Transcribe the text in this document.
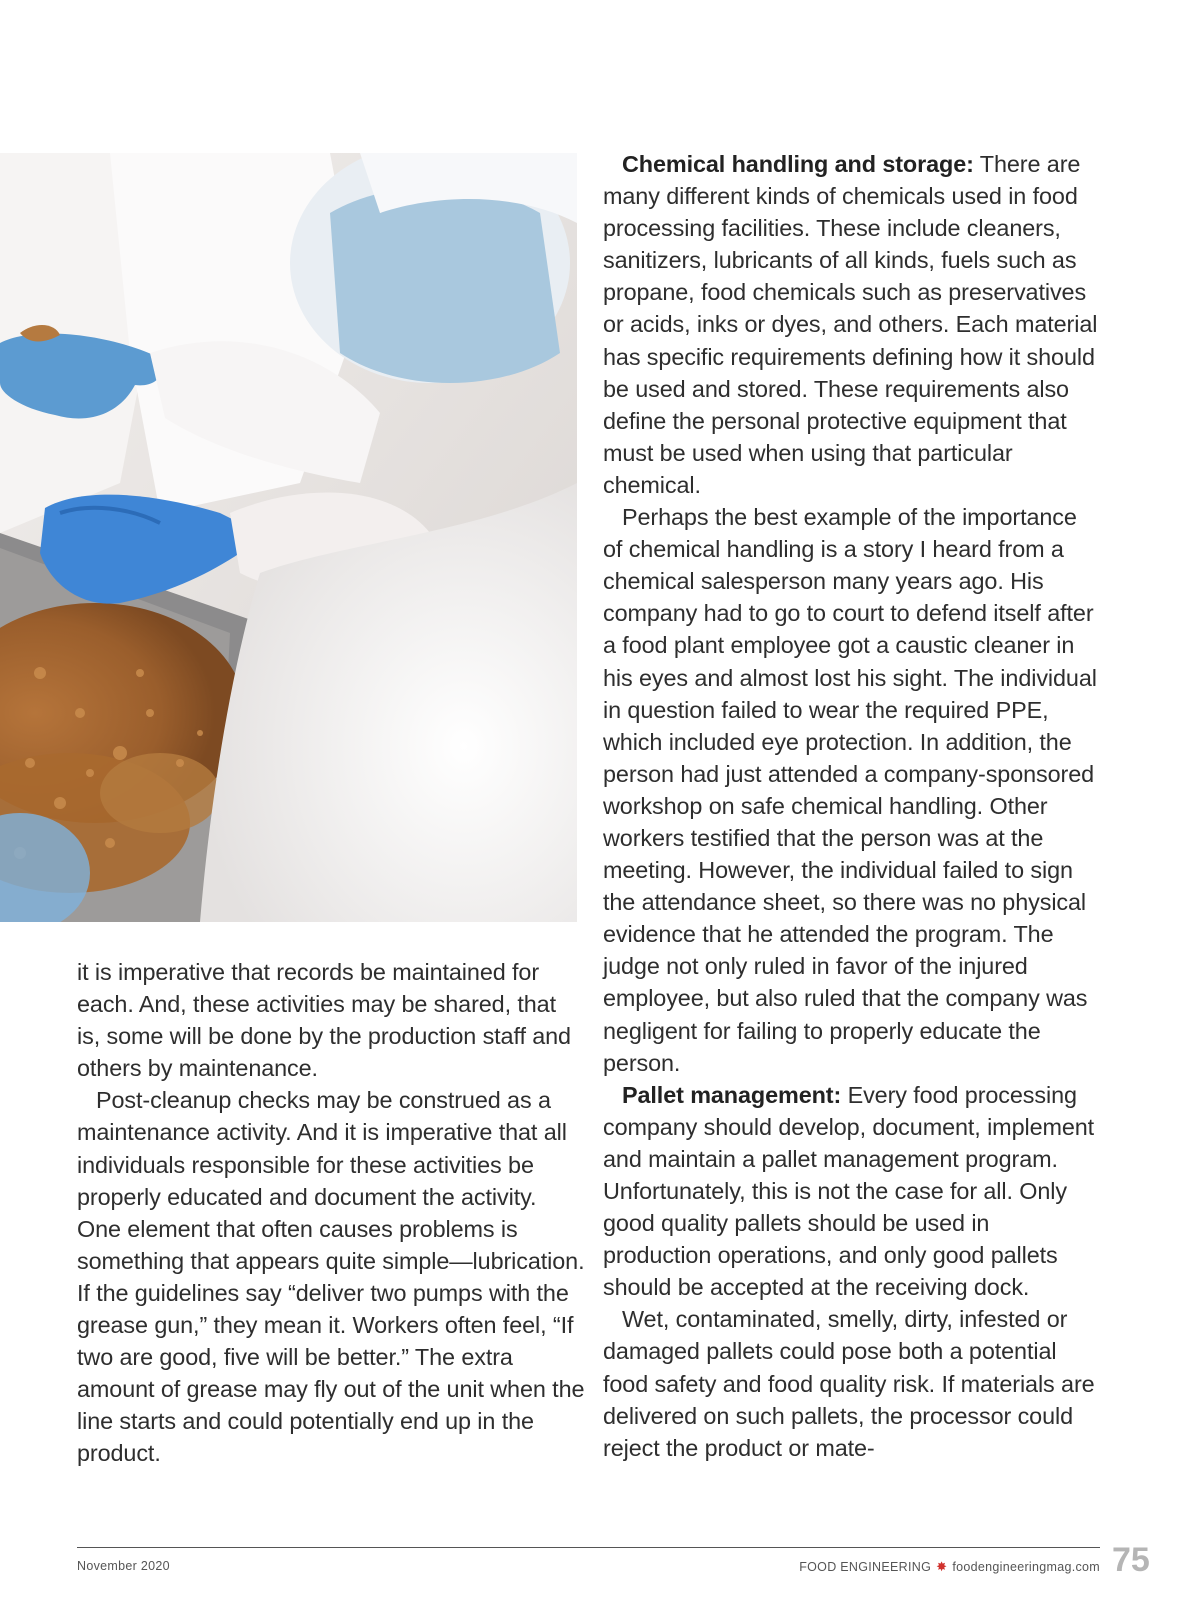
it is imperative that records be maintained for each. And, these activities may be shared, that is, some will be done by the production staff and others by maintenance.

Post-cleanup checks may be construed as a maintenance activity. And it is imperative that all individuals responsible for these activities be properly educated and document the activity. One element that often causes problems is something that appears quite simple—lubrication. If the guidelines say “deliver two pumps with the grease gun,” they mean it. Workers often feel, “If two are good, five will be better.” The extra amount of grease may fly out of the unit when the line starts and could potentially end up in the product.

Chemical handling and storage: There are many different kinds of chemicals used in food processing facilities. These include cleaners, sanitizers, lubricants of all kinds, fuels such as propane, food chemicals such as preservatives or acids, inks or dyes, and others. Each material has specific requirements defining how it should be used and stored. These requirements also define the personal protective equipment that must be used when using that particular chemical.

Perhaps the best example of the importance of chemical handling is a story I heard from a chemical salesperson many years ago. His company had to go to court to defend itself after a food plant employee got a caustic cleaner in his eyes and almost lost his sight. The individual in question failed to wear the required PPE, which included eye protection. In addition, the person had just attended a company-sponsored workshop on safe chemical handling. Other workers testified that the person was at the meeting. However, the individual failed to sign the attendance sheet, so there was no physical evidence that he attended the program. The judge not only ruled in favor of the injured employee, but also ruled that the company was negligent for failing to properly educate the person.

Pallet management: Every food processing company should develop, document, implement and maintain a pallet management program. Unfortunately, this is not the case for all. Only good quality pallets should be used in production operations, and only good pallets should be accepted at the receiving dock.

Wet, contaminated, smelly, dirty, infested or damaged pallets could pose both a potential food safety and food quality risk. If materials are delivered on such pallets, the processor could reject the product or mate-

November 2020	FOOD ENGINEERING ✸ foodengineeringmag.com 75
